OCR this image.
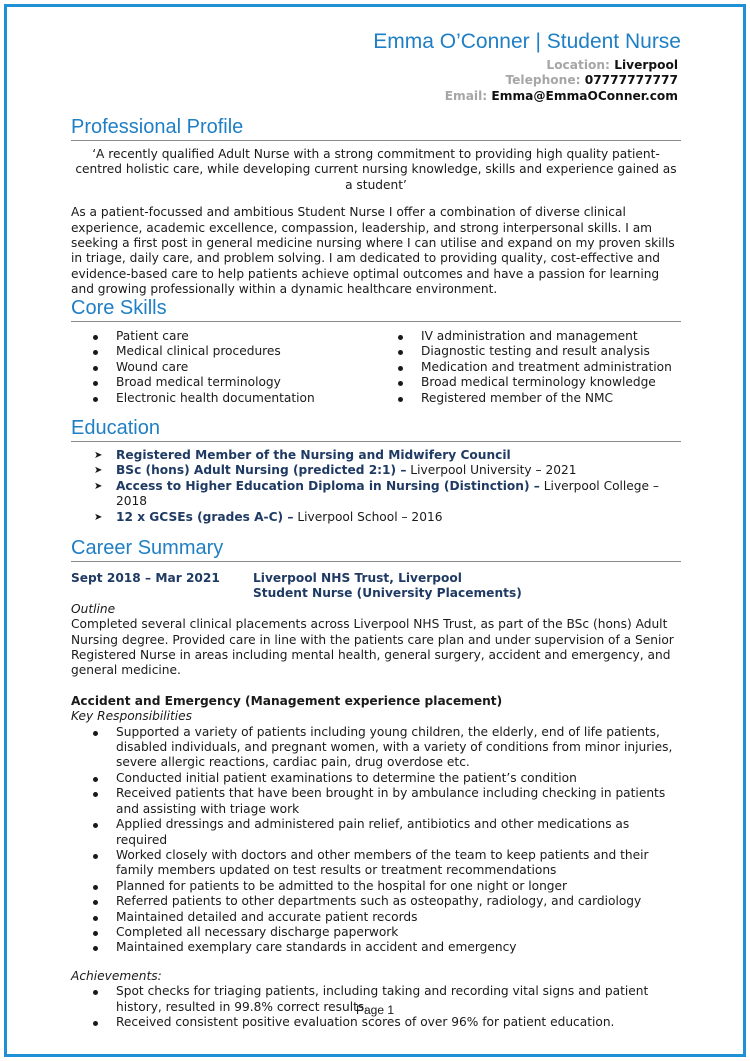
Emma O’Conner | Student Nurse
Location: Liverpool
Telephone: 07777777777
Email: Emma@EmmaOConner.com
Professional Profile
‘A recently qualified Adult Nurse with a strong commitment to providing high quality patient-centred holistic care, while developing current nursing knowledge, skills and experience gained as a student’
As a patient-focussed and ambitious Student Nurse I offer a combination of diverse clinical experience, academic excellence, compassion, leadership, and strong interpersonal skills. I am seeking a first post in general medicine nursing where I can utilise and expand on my proven skills in triage, daily care, and problem solving. I am dedicated to providing quality, cost-effective and evidence-based care to help patients achieve optimal outcomes and have a passion for learning and growing professionally within a dynamic healthcare environment.
Core Skills
Patient care
Medical clinical procedures
Wound care
Broad medical terminology
Electronic health documentation
IV administration and management
Diagnostic testing and result analysis
Medication and treatment administration
Broad medical terminology knowledge
Registered member of the NMC
Education
➤ Registered Member of the Nursing and Midwifery Council
➤ BSc (hons) Adult Nursing (predicted 2:1) – Liverpool University – 2021
➤ Access to Higher Education Diploma in Nursing (Distinction) – Liverpool College – 2018
➤ 12 x GCSEs (grades A-C) – Liverpool School – 2016
Career Summary
Sept 2018 – Mar 2021	Liverpool NHS Trust, Liverpool
Student Nurse (University Placements)
Outline
Completed several clinical placements across Liverpool NHS Trust, as part of the BSc (hons) Adult Nursing degree. Provided care in line with the patients care plan and under supervision of a Senior Registered Nurse in areas including mental health, general surgery, accident and emergency, and general medicine.
Accident and Emergency (Management experience placement)
Key Responsibilities
Supported a variety of patients including young children, the elderly, end of life patients, disabled individuals, and pregnant women, with a variety of conditions from minor injuries, severe allergic reactions, cardiac pain, drug overdose etc.
Conducted initial patient examinations to determine the patient’s condition
Received patients that have been brought in by ambulance including checking in patients and assisting with triage work
Applied dressings and administered pain relief, antibiotics and other medications as required
Worked closely with doctors and other members of the team to keep patients and their family members updated on test results or treatment recommendations
Planned for patients to be admitted to the hospital for one night or longer
Referred patients to other departments such as osteopathy, radiology, and cardiology
Maintained detailed and accurate patient records
Completed all necessary discharge paperwork
Maintained exemplary care standards in accident and emergency
Achievements:
Spot checks for triaging patients, including taking and recording vital signs and patient history, resulted in 99.8% correct results.
Received consistent positive evaluation scores of over 96% for patient education.
Page 1
